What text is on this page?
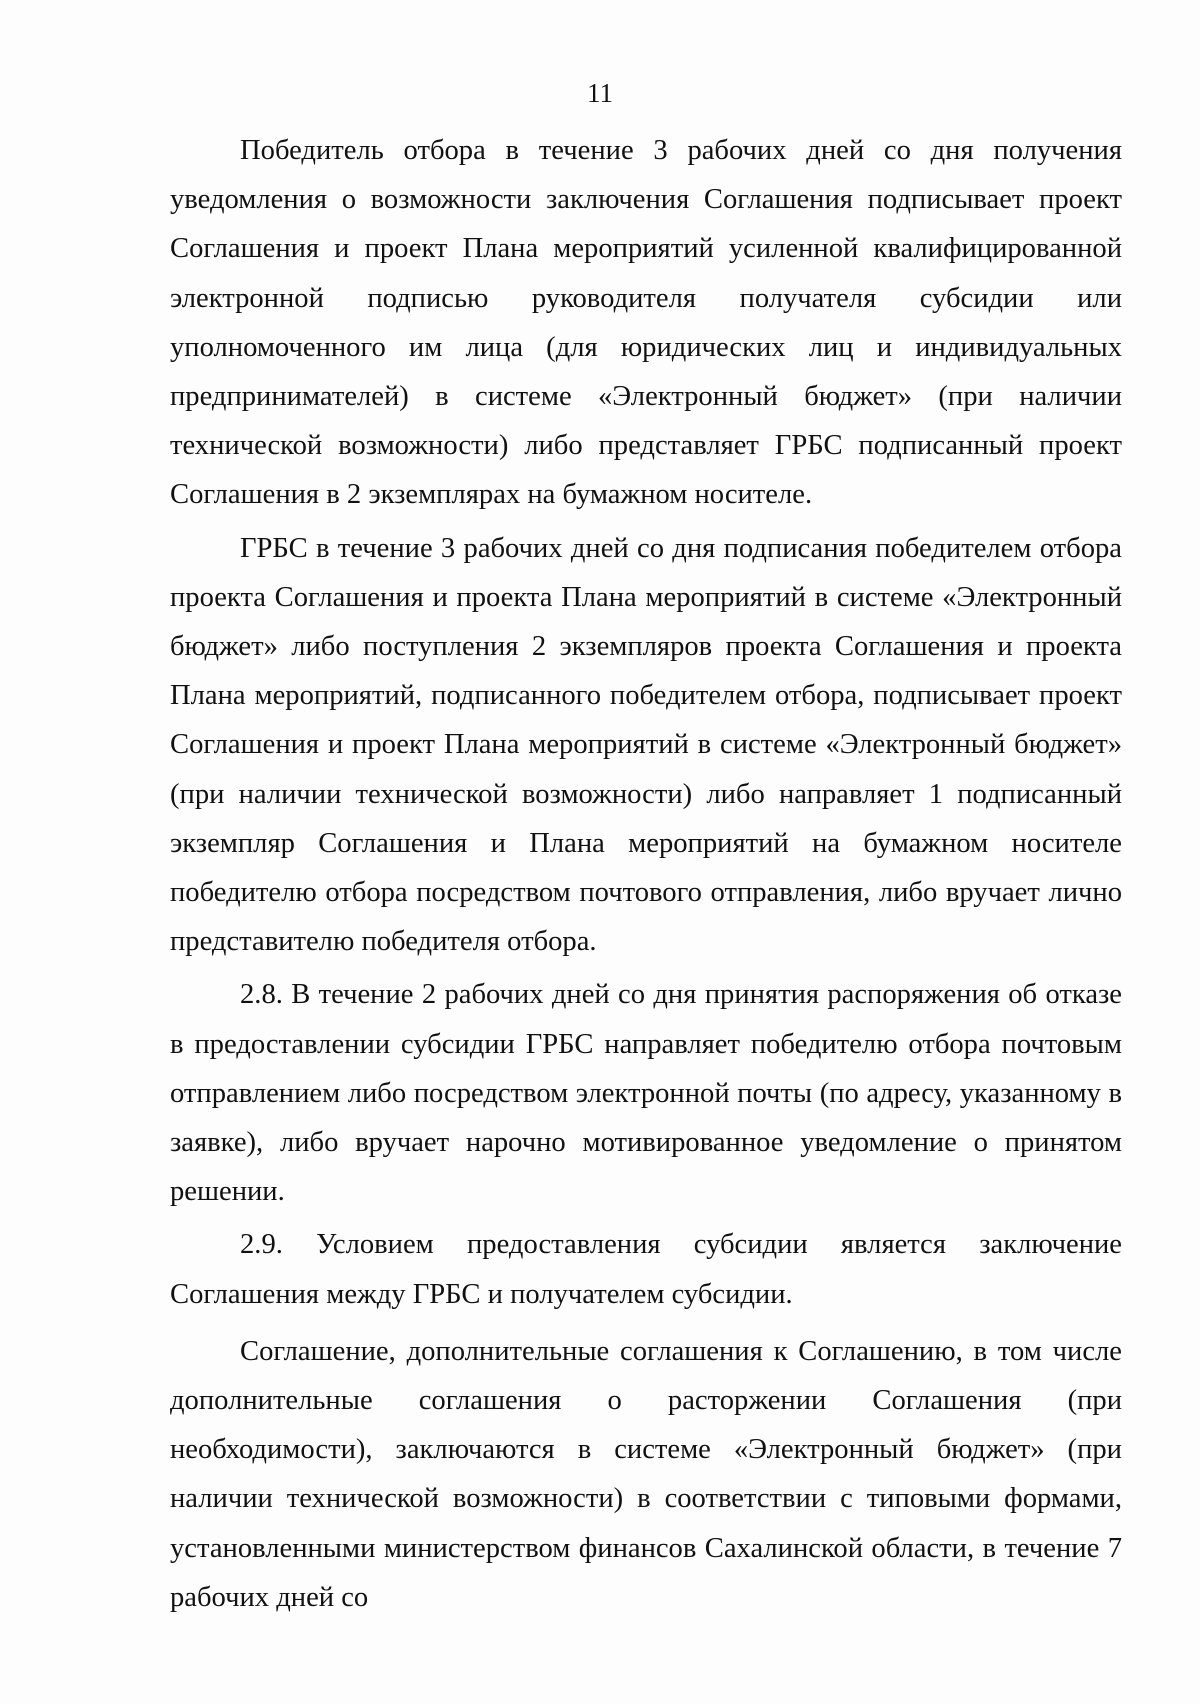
11

Победитель отбора в течение 3 рабочих дней со дня получения уведомления о возможности заключения Соглашения подписывает проект Соглашения и проект Плана мероприятий усиленной квалифицированной электронной подписью руководителя получателя субсидии или уполномоченного им лица (для юридических лиц и индивидуальных предпринимателей) в системе «Электронный бюджет» (при наличии технической возможности) либо представляет ГРБС подписанный проект Соглашения в 2 экземплярах на бумажном носителе.

ГРБС в течение 3 рабочих дней со дня подписания победителем отбора проекта Соглашения и проекта Плана мероприятий в системе «Электронный бюджет» либо поступления 2 экземпляров проекта Соглашения и проекта Плана мероприятий, подписанного победителем отбора, подписывает проект Соглашения и проект Плана мероприятий в системе «Электронный бюджет» (при наличии технической возможности) либо направляет 1 подписанный экземпляр Соглашения и Плана мероприятий на бумажном носителе победителю отбора посредством почтового отправления, либо вручает лично представителю победителя отбора.

2.8. В течение 2 рабочих дней со дня принятия распоряжения об отказе в предоставлении субсидии ГРБС направляет победителю отбора почтовым отправлением либо посредством электронной почты (по адресу, указанному в заявке), либо вручает нарочно мотивированное уведомление о принятом решении.

2.9. Условием предоставления субсидии является заключение Соглашения между ГРБС и получателем субсидии.

Соглашение, дополнительные соглашения к Соглашению, в том числе дополнительные соглашения о расторжении Соглашения (при необходимости), заключаются в системе «Электронный бюджет» (при наличии технической возможности) в соответствии с типовыми формами, установленными министерством финансов Сахалинской области, в течение 7 рабочих дней со
